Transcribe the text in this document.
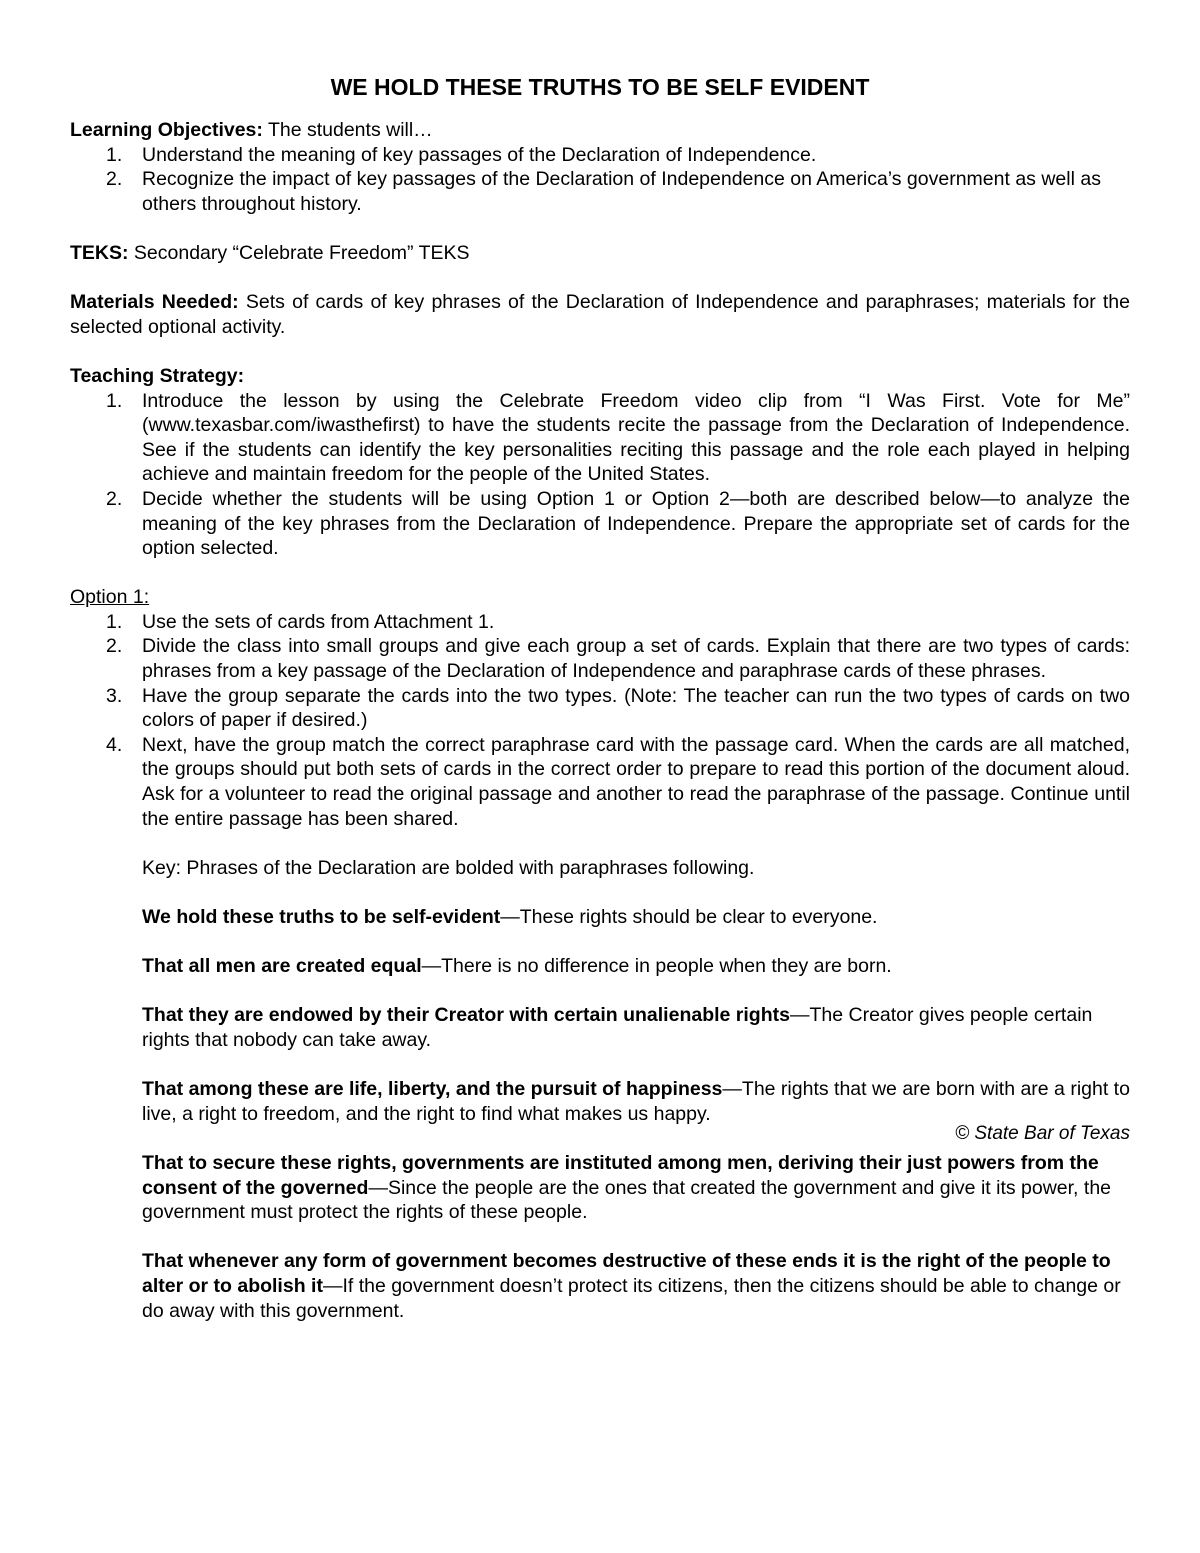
WE HOLD THESE TRUTHS TO BE SELF EVIDENT

Learning Objectives: The students will…

1. Understand the meaning of key passages of the Declaration of Independence.
2. Recognize the impact of key passages of the Declaration of Independence on America’s government as well as others throughout history.

TEKS: Secondary “Celebrate Freedom” TEKS

Materials Needed: Sets of cards of key phrases of the Declaration of Independence and paraphrases; materials for the selected optional activity.

Teaching Strategy:

1. Introduce the lesson by using the Celebrate Freedom video clip from “I Was First. Vote for Me” (www.texasbar.com/iwasthefirst) to have the students recite the passage from the Declaration of Independence. See if the students can identify the key personalities reciting this passage and the role each played in helping achieve and maintain freedom for the people of the United States.
2. Decide whether the students will be using Option 1 or Option 2—both are described below—to analyze the meaning of the key phrases from the Declaration of Independence. Prepare the appropriate set of cards for the option selected.

Option 1:

1. Use the sets of cards from Attachment 1.
2. Divide the class into small groups and give each group a set of cards. Explain that there are two types of cards: phrases from a key passage of the Declaration of Independence and paraphrase cards of these phrases.
3. Have the group separate the cards into the two types. (Note: The teacher can run the two types of cards on two colors of paper if desired.)
4. Next, have the group match the correct paraphrase card with the passage card. When the cards are all matched, the groups should put both sets of cards in the correct order to prepare to read this portion of the document aloud. Ask for a volunteer to read the original passage and another to read the paraphrase of the passage. Continue until the entire passage has been shared.

Key: Phrases of the Declaration are bolded with paraphrases following.

We hold these truths to be self-evident—These rights should be clear to everyone.

That all men are created equal—There is no difference in people when they are born.

That they are endowed by their Creator with certain unalienable rights—The Creator gives people certain rights that nobody can take away.

That among these are life, liberty, and the pursuit of happiness—The rights that we are born with are a right to live, a right to freedom, and the right to find what makes us happy.

That to secure these rights, governments are instituted among men, deriving their just powers from the consent of the governed—Since the people are the ones that created the government and give it its power, the government must protect the rights of these people.

That whenever any form of government becomes destructive of these ends it is the right of the people to alter or to abolish it—If the government doesn’t protect its citizens, then the citizens should be able to change or do away with this government.

© State Bar of Texas
